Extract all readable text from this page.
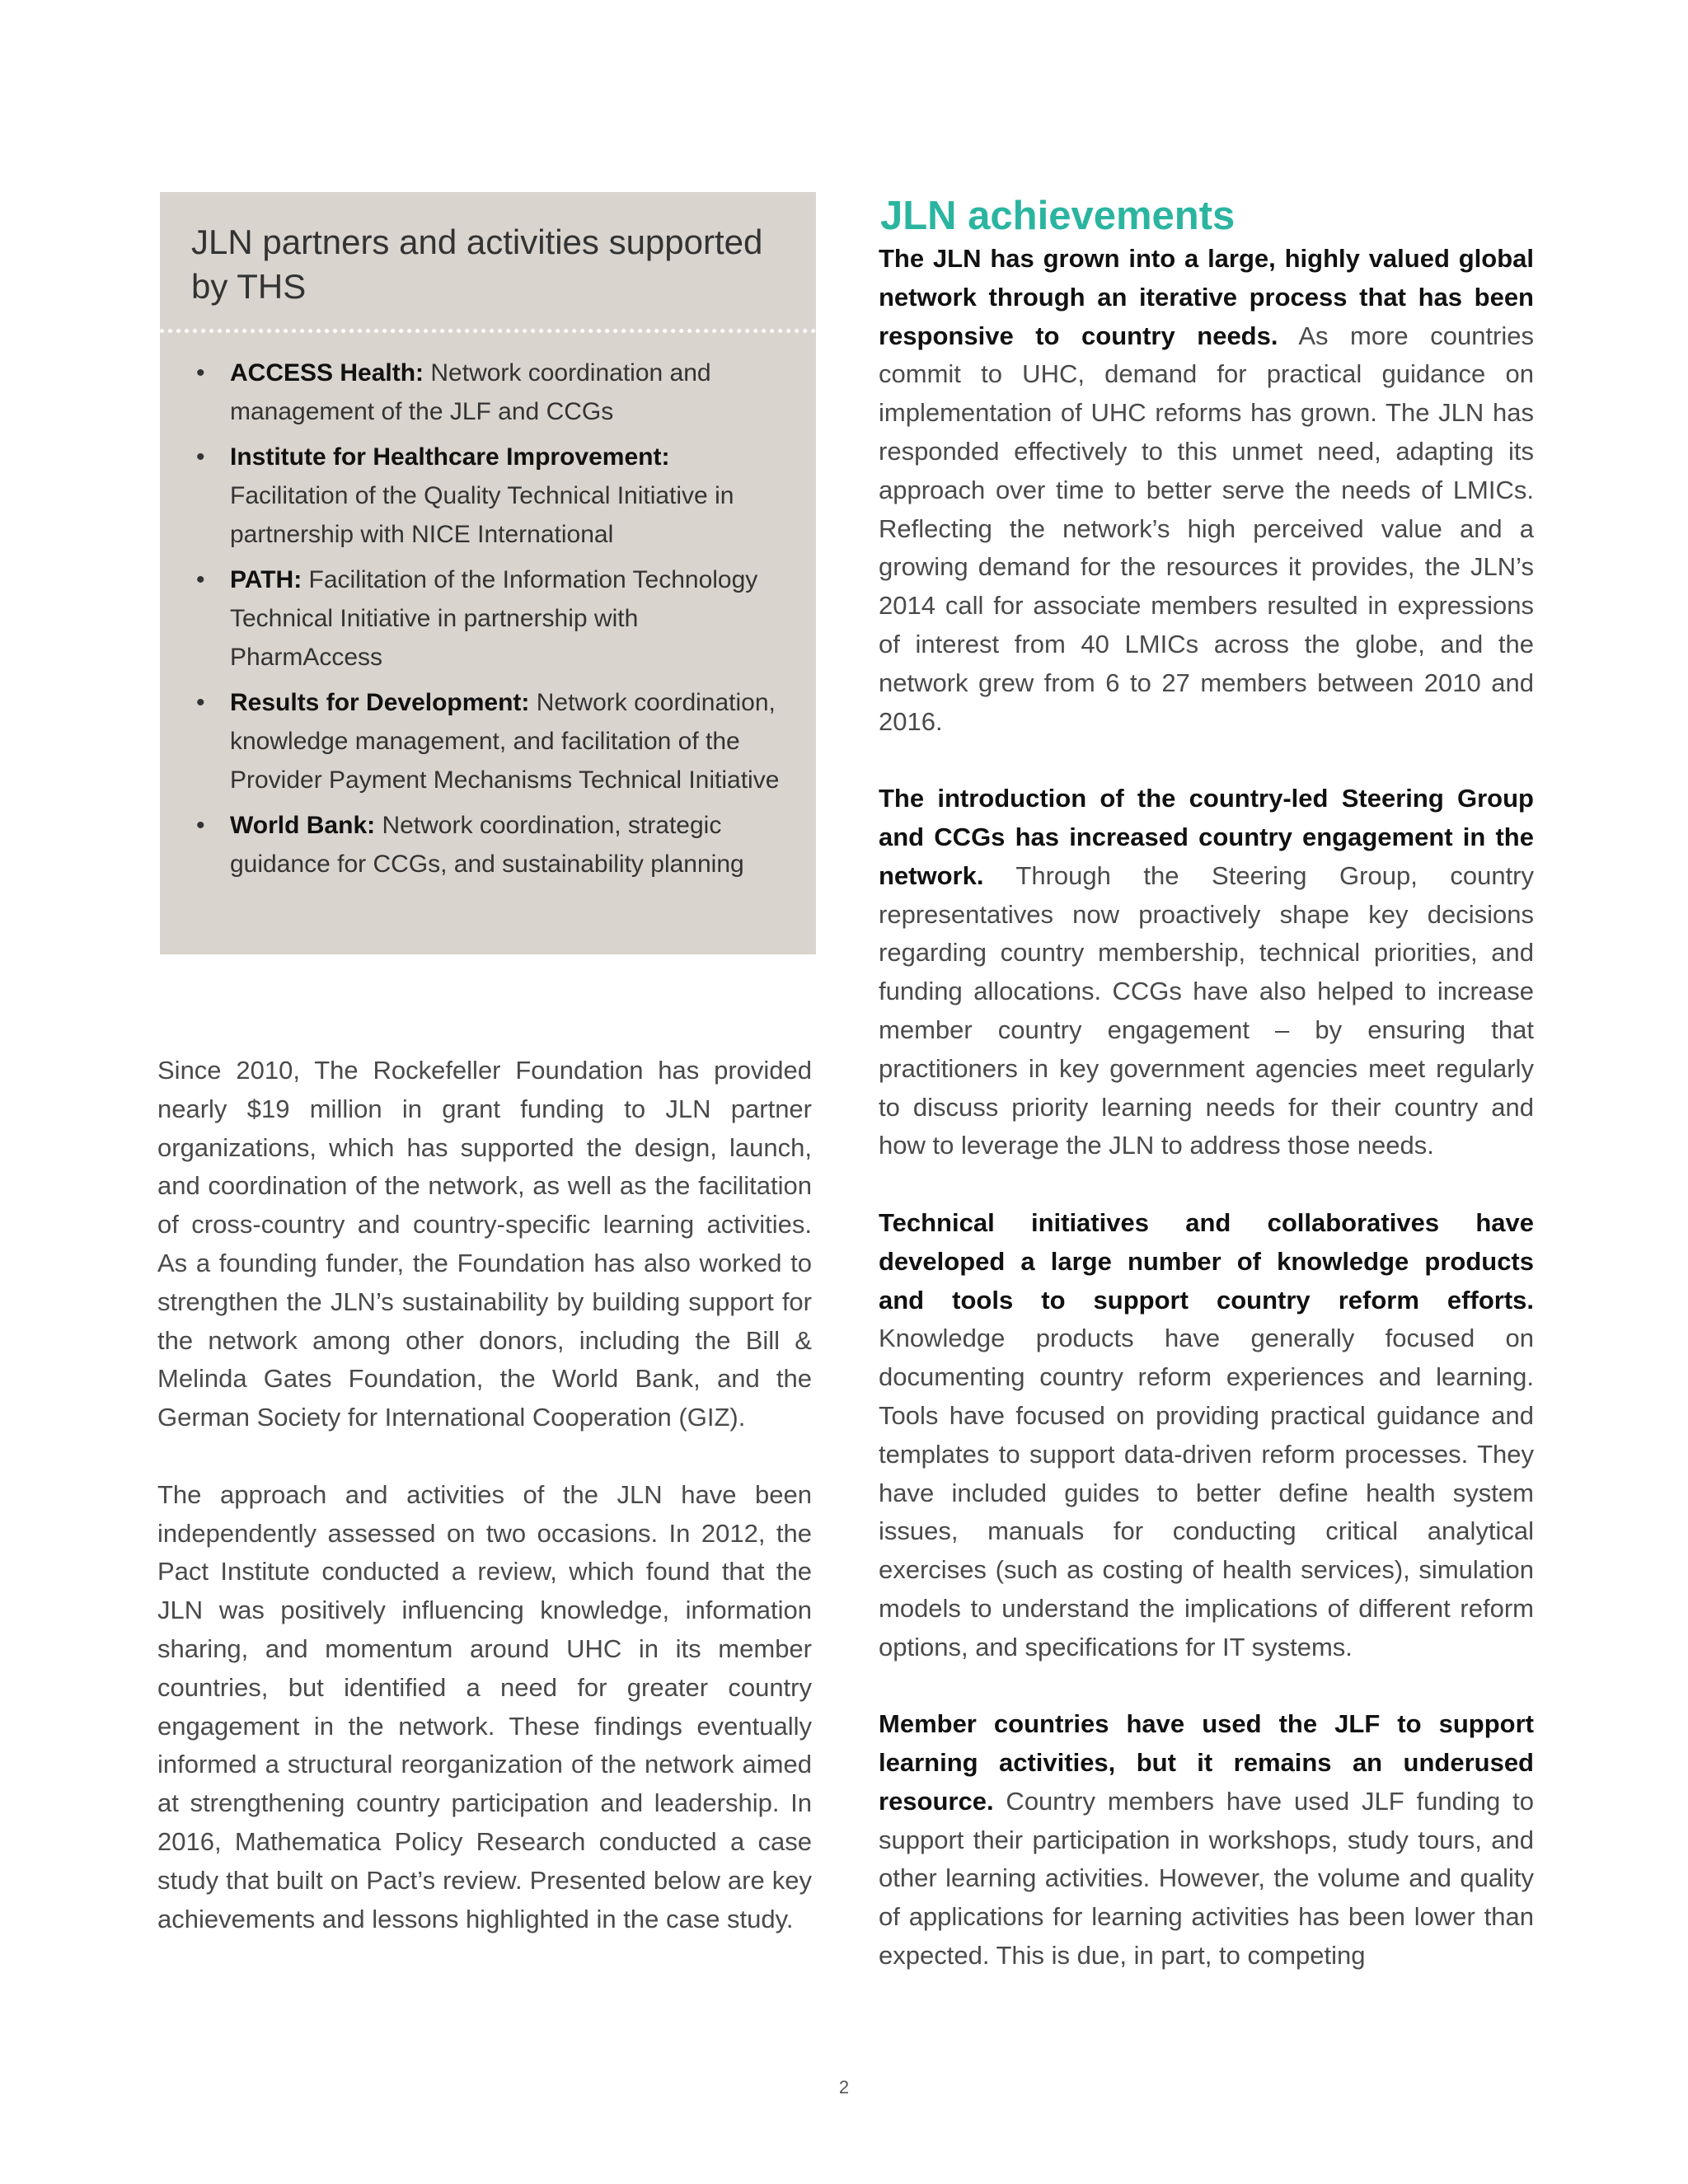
JLN partners and activities supported by THS
• ACCESS Health: Network coordination and management of the JLF and CCGs
• Institute for Healthcare Improvement: Facilitation of the Quality Technical Initiative in partnership with NICE International
• PATH: Facilitation of the Information Technology Technical Initiative in partnership with PharmAccess
• Results for Development: Network coordination, knowledge management, and facilitation of the Provider Payment Mechanisms Technical Initiative
• World Bank: Network coordination, strategic guidance for CCGs, and sustainability planning

Since 2010, The Rockefeller Foundation has provided nearly $19 million in grant funding to JLN partner organizations, which has supported the design, launch, and coordination of the network, as well as the facilitation of cross-country and country-specific learning activities. As a founding funder, the Foundation has also worked to strengthen the JLN’s sustainability by building support for the network among other donors, including the Bill & Melinda Gates Foundation, the World Bank, and the German Society for International Cooperation (GIZ).

The approach and activities of the JLN have been independently assessed on two occasions. In 2012, the Pact Institute conducted a review, which found that the JLN was positively influencing knowledge, information sharing, and momentum around UHC in its member countries, but identified a need for greater country engagement in the network. These findings eventually informed a structural reorganization of the network aimed at strengthening country participation and leadership. In 2016, Mathematica Policy Research conducted a case study that built on Pact’s review. Presented below are key achievements and lessons highlighted in the case study.

JLN achievements

The JLN has grown into a large, highly valued global network through an iterative process that has been responsive to country needs. As more countries commit to UHC, demand for practical guidance on implementation of UHC reforms has grown. The JLN has responded effectively to this unmet need, adapting its approach over time to better serve the needs of LMICs. Reflecting the network’s high perceived value and a growing demand for the resources it provides, the JLN’s 2014 call for associate members resulted in expressions of interest from 40 LMICs across the globe, and the network grew from 6 to 27 members between 2010 and 2016.

The introduction of the country-led Steering Group and CCGs has increased country engagement in the network. Through the Steering Group, country representatives now proactively shape key decisions regarding country membership, technical priorities, and funding allocations. CCGs have also helped to increase member country engagement – by ensuring that practitioners in key government agencies meet regularly to discuss priority learning needs for their country and how to leverage the JLN to address those needs.

Technical initiatives and collaboratives have developed a large number of knowledge products and tools to support country reform efforts. Knowledge products have generally focused on documenting country reform experiences and learning. Tools have focused on providing practical guidance and templates to support data-driven reform processes. They have included guides to better define health system issues, manuals for conducting critical analytical exercises (such as costing of health services), simulation models to understand the implications of different reform options, and specifications for IT systems.

Member countries have used the JLF to support learning activities, but it remains an underused resource. Country members have used JLF funding to support their participation in workshops, study tours, and other learning activities. However, the volume and quality of applications for learning activities has been lower than expected. This is due, in part, to competing

2
